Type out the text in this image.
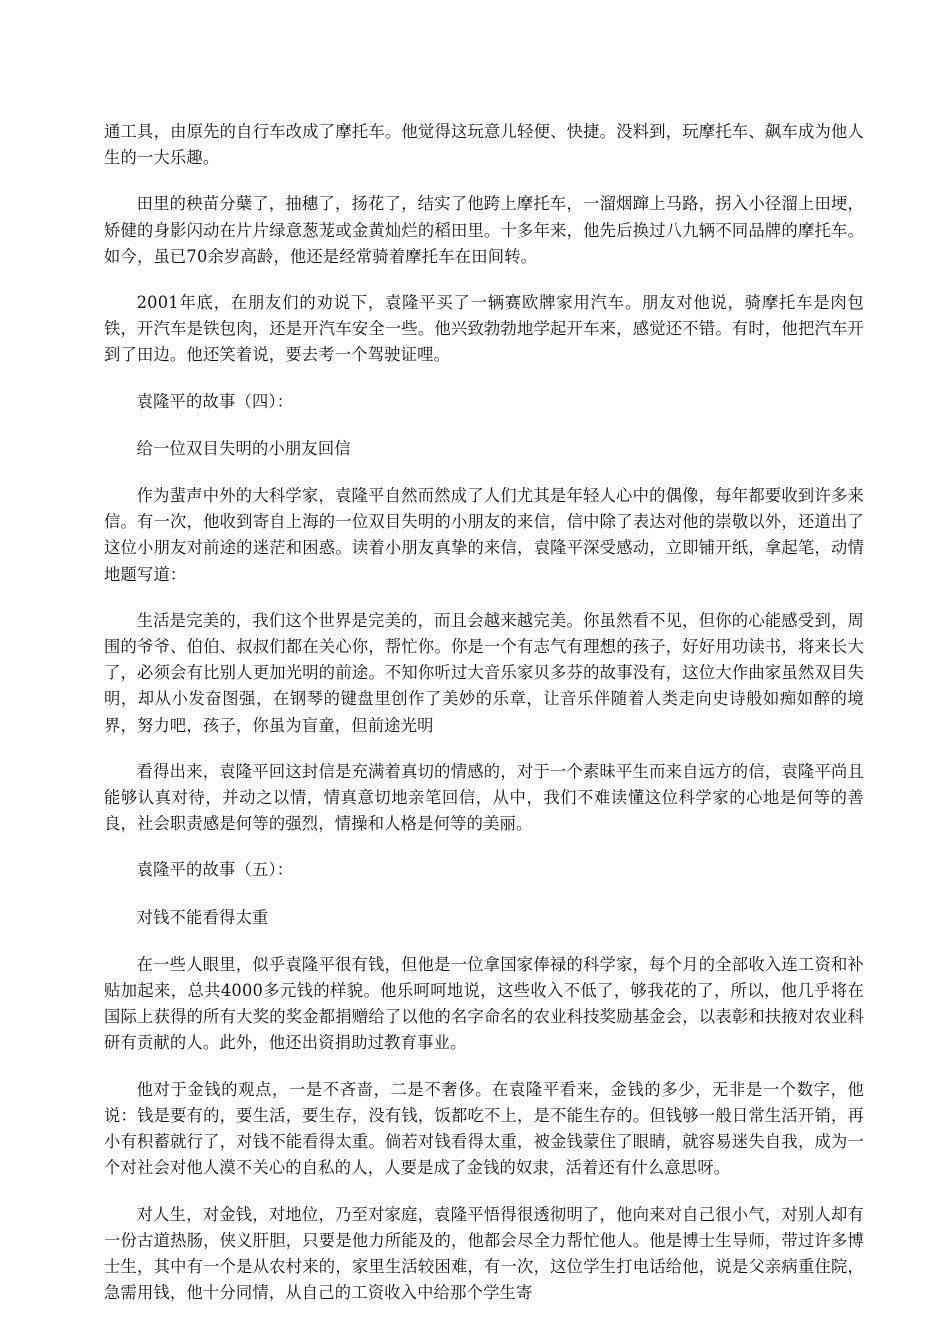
通工具，由原先的自行车改成了摩托车。他觉得这玩意儿轻便、快捷。没料到，玩摩托车、飙车成为他人生的一大乐趣。

田里的秧苗分蘖了，抽穗了，扬花了，结实了他跨上摩托车，一溜烟蹿上马路，拐入小径溜上田埂，矫健的身影闪动在片片绿意葱茏或金黄灿烂的稻田里。十多年来，他先后换过八九辆不同品牌的摩托车。如今，虽已70余岁高龄，他还是经常骑着摩托车在田间转。

2001年底，在朋友们的劝说下，袁隆平买了一辆赛欧牌家用汽车。朋友对他说，骑摩托车是肉包铁，开汽车是铁包肉，还是开汽车安全一些。他兴致勃勃地学起开车来，感觉还不错。有时，他把汽车开到了田边。他还笑着说，要去考一个驾驶证哩。

袁隆平的故事（四）：

给一位双目失明的小朋友回信

作为蜚声中外的大科学家，袁隆平自然而然成了人们尤其是年轻人心中的偶像，每年都要收到许多来信。有一次，他收到寄自上海的一位双目失明的小朋友的来信，信中除了表达对他的崇敬以外，还道出了这位小朋友对前途的迷茫和困惑。读着小朋友真挚的来信，袁隆平深受感动，立即铺开纸，拿起笔，动情地题写道：

生活是完美的，我们这个世界是完美的，而且会越来越完美。你虽然看不见，但你的心能感受到，周围的爷爷、伯伯、叔叔们都在关心你，帮忙你。你是一个有志气有理想的孩子，好好用功读书，将来长大了，必须会有比别人更加光明的前途。不知你听过大音乐家贝多芬的故事没有，这位大作曲家虽然双目失明，却从小发奋图强，在钢琴的键盘里创作了美妙的乐章，让音乐伴随着人类走向史诗般如痴如醉的境界，努力吧，孩子，你虽为盲童，但前途光明

看得出来，袁隆平回这封信是充满着真切的情感的，对于一个素昧平生而来自远方的信，袁隆平尚且能够认真对待，并动之以情，情真意切地亲笔回信，从中，我们不难读懂这位科学家的心地是何等的善良，社会职责感是何等的强烈，情操和人格是何等的美丽。

袁隆平的故事（五）：

对钱不能看得太重

在一些人眼里，似乎袁隆平很有钱，但他是一位拿国家俸禄的科学家，每个月的全部收入连工资和补贴加起来，总共4000多元钱的样貌。他乐呵呵地说，这些收入不低了，够我花的了，所以，他几乎将在国际上获得的所有大奖的奖金都捐赠给了以他的名字命名的农业科技奖励基金会，以表彰和扶掖对农业科研有贡献的人。此外，他还出资捐助过教育事业。

他对于金钱的观点，一是不吝啬，二是不奢侈。在袁隆平看来，金钱的多少，无非是一个数字，他说：钱是要有的，要生活，要生存，没有钱，饭都吃不上，是不能生存的。但钱够一般日常生活开销，再小有积蓄就行了，对钱不能看得太重。倘若对钱看得太重，被金钱蒙住了眼睛，就容易迷失自我，成为一个对社会对他人漠不关心的自私的人，人要是成了金钱的奴隶，活着还有什么意思呀。

对人生，对金钱，对地位，乃至对家庭，袁隆平悟得很透彻明了，他向来对自己很小气，对别人却有一份古道热肠，侠义肝胆，只要是他力所能及的，他都会尽全力帮忙他人。他是博士生导师，带过许多博士生，其中有一个是从农村来的，家里生活较困难，有一次，这位学生打电话给他，说是父亲病重住院，急需用钱，他十分同情，从自己的工资收入中给那个学生寄
